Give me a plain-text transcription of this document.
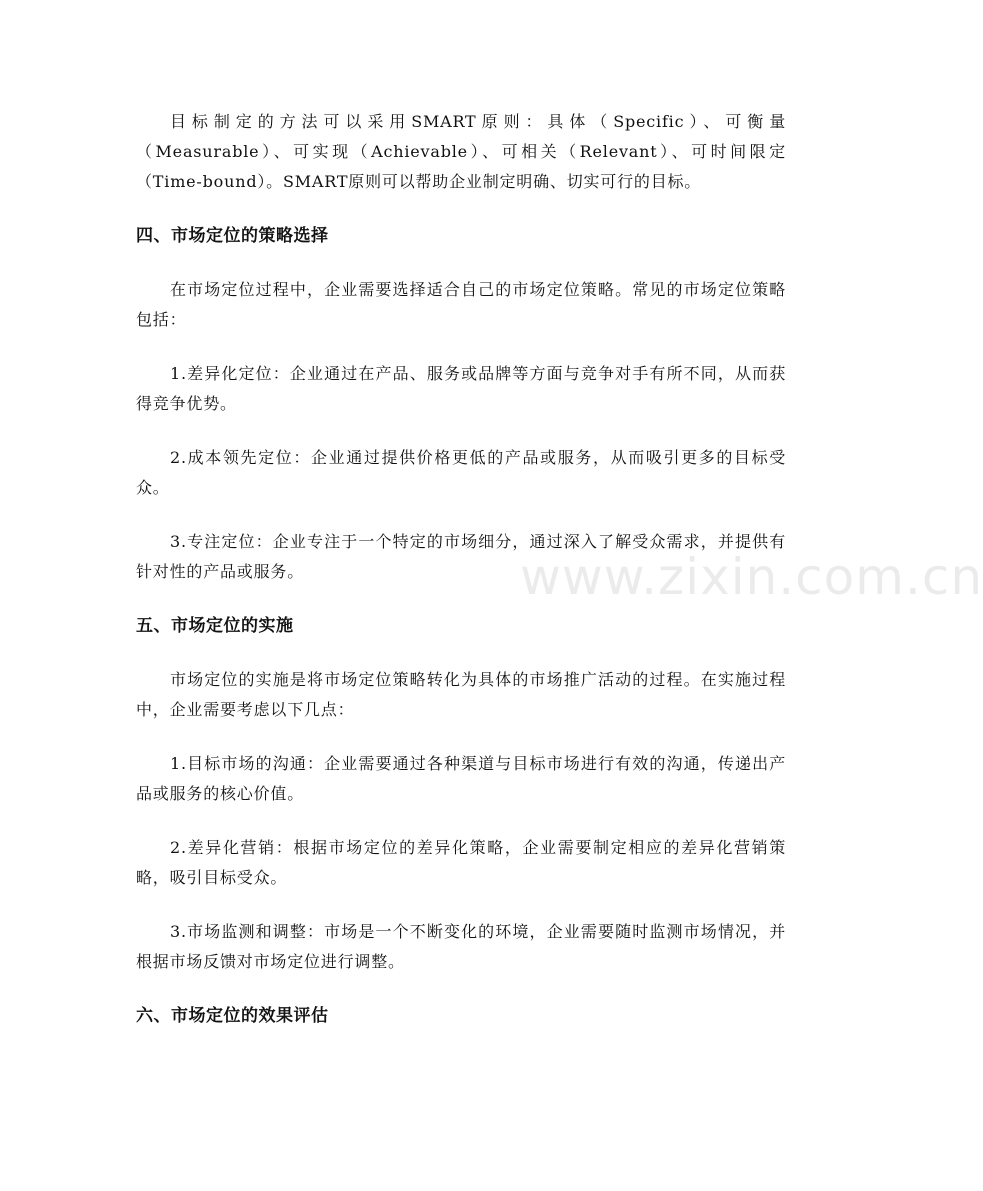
目标制定的方法可以采用SMART原则：具体（Specific）、可衡量（Measurable）、可实现（Achievable）、可相关（Relevant）、可时间限定（Time-bound）。SMART原则可以帮助企业制定明确、切实可行的目标。

四、市场定位的策略选择

在市场定位过程中，企业需要选择适合自己的市场定位策略。常见的市场定位策略包括：

1.差异化定位：企业通过在产品、服务或品牌等方面与竞争对手有所不同，从而获得竞争优势。

2.成本领先定位：企业通过提供价格更低的产品或服务，从而吸引更多的目标受众。

3.专注定位：企业专注于一个特定的市场细分，通过深入了解受众需求，并提供有针对性的产品或服务。

五、市场定位的实施

市场定位的实施是将市场定位策略转化为具体的市场推广活动的过程。在实施过程中，企业需要考虑以下几点：

1.目标市场的沟通：企业需要通过各种渠道与目标市场进行有效的沟通，传递出产品或服务的核心价值。

2.差异化营销：根据市场定位的差异化策略，企业需要制定相应的差异化营销策略，吸引目标受众。

3.市场监测和调整：市场是一个不断变化的环境，企业需要随时监测市场情况，并根据市场反馈对市场定位进行调整。

六、市场定位的效果评估
www.zixin.com.cn
